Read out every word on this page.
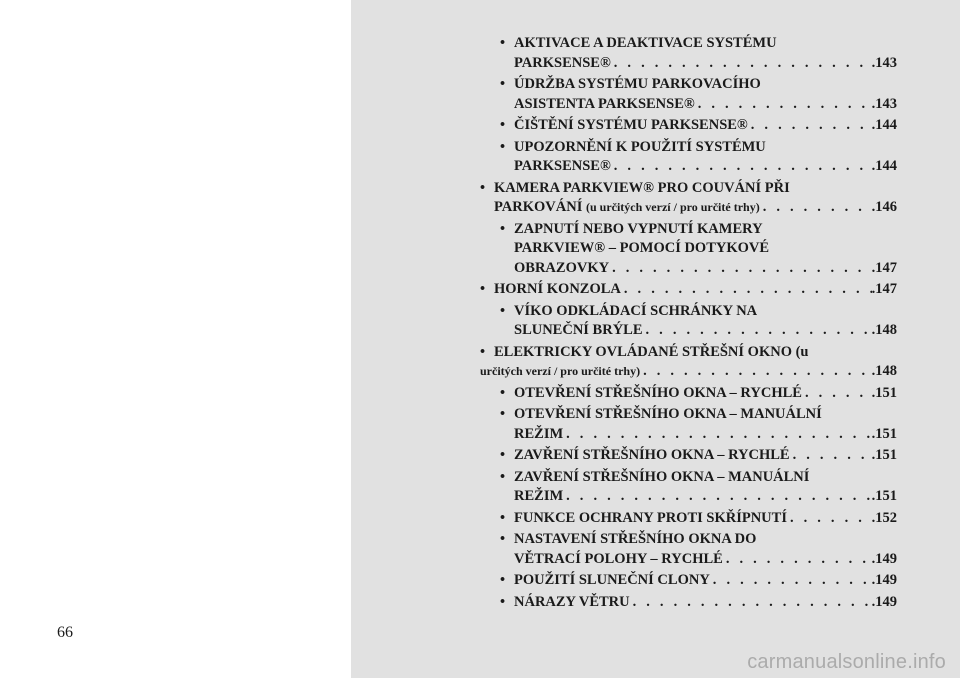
66
• AKTIVACE A DEAKTIVACE SYSTÉMU
PARKSENSE® . . .	.143
• ÚDRŽBA SYSTÉMU PARKOVACÍHO
ASISTENTA PARKSENSE® . . .	.143
• ČIŠTĚNÍ SYSTÉMU PARKSENSE® . . .	.144
• UPOZORNĚNÍ K POUŽITÍ SYSTÉMU
PARKSENSE® . . .	.144
• KAMERA PARKVIEW® PRO COUVÁNÍ PŘI
PARKOVÁNÍ
(u určitých verzí / pro určité trhy) . . .	.146
• ZAPNUTÍ NEBO VYPNUTÍ KAMERY
PARKVIEW® – POMOCÍ DOTYKOVÉ
OBRAZOVKY . . .	.147
• HORNÍ KONZOLA . . .	.147
• VÍKO ODKLÁDACÍ SCHRÁNKY NA
SLUNEČNÍ BRÝLE . . .	.148
• ELEKTRICKY OVLÁDANÉ STŘEŠNÍ OKNO (u
určitých verzí / pro určité trhy) . . .	.148
• OTEVŘENÍ STŘEŠNÍHO OKNA – RYCHLÉ . . .	.151
• OTEVŘENÍ STŘEŠNÍHO OKNA – MANUÁLNÍ
REŽIM . . .	.151
• ZAVŘENÍ STŘEŠNÍHO OKNA – RYCHLÉ . . .	.151
• ZAVŘENÍ STŘEŠNÍHO OKNA – MANUÁLNÍ
REŽIM . . .	.151
• FUNKCE OCHRANY PROTI SKŘÍPNUTÍ . . .	.152
• NASTAVENÍ STŘEŠNÍHO OKNA DO
VĚTRACÍ POLOHY – RYCHLÉ . . .	.149
• POUŽITÍ SLUNEČNÍ CLONY . . .	.149
• NÁRAZY VĚTRU . . .	.149
carmanualsonline.info
